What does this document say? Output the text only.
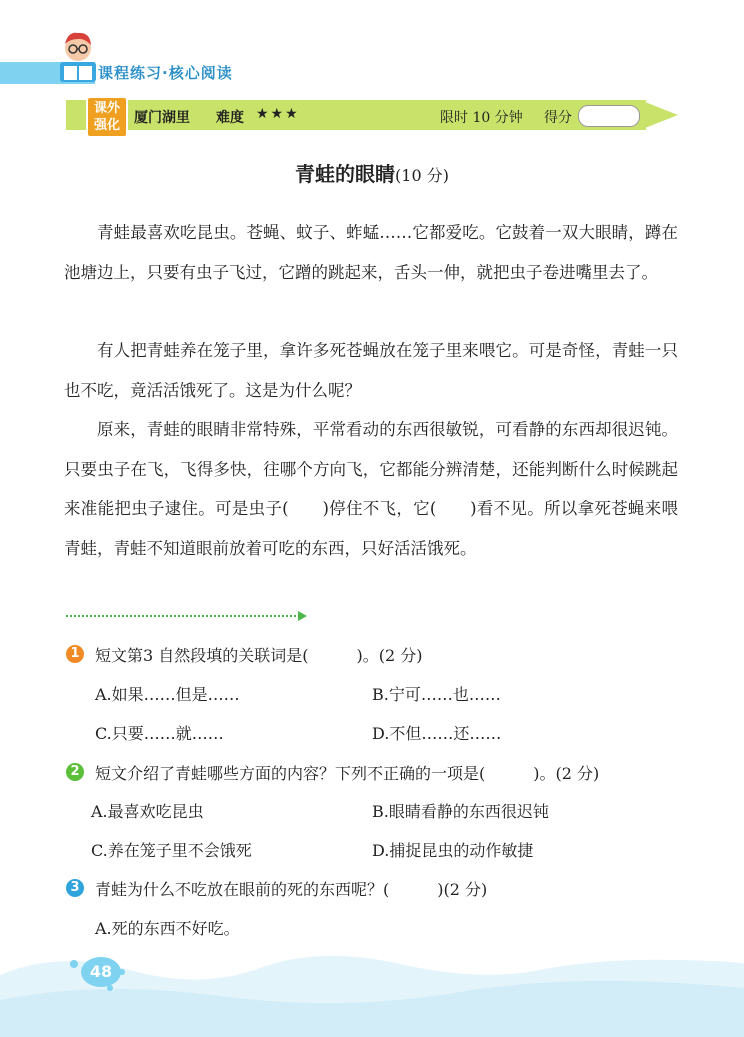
课程练习·核心阅读
课外强化 厦门湖里 难度 ★★★	限时 10 分钟 得分
青蛙的眼睛(10 分)

青蛙最喜欢吃昆虫。苍蝇、蚊子、蚱蜢……它都爱吃。它鼓着一双大眼睛，蹲在池塘边上，只要有虫子飞过，它蹭的跳起来，舌头一伸，就把虫子卷进嘴里去了。

有人把青蛙养在笼子里，拿许多死苍蝇放在笼子里来喂它。可是奇怪，青蛙一只也不吃，竟活活饿死了。这是为什么呢？

原来，青蛙的眼睛非常特殊，平常看动的东西很敏锐，可看静的东西却很迟钝。只要虫子在飞，飞得多快，往哪个方向飞，它都能分辨清楚，还能判断什么时候跳起来准能把虫子逮住。可是虫子(　　)停住不飞，它(　　)看不见。所以拿死苍蝇来喂青蛙，青蛙不知道眼前放着可吃的东西，只好活活饿死。

1 短文第3 自然段填的关联词是(　　　)。(2 分)
A.如果……但是……	B.宁可……也……
C.只要……就……	D.不但……还……
2 短文介绍了青蛙哪些方面的内容？下列不正确的一项是(　　　)。(2 分)
A.最喜欢吃昆虫	B.眼睛看静的东西很迟钝
C.养在笼子里不会饿死	D.捕捉昆虫的动作敏捷
3 青蛙为什么不吃放在眼前的死的东西呢？(　　　)(2 分)
A.死的东西不好吃。
48
